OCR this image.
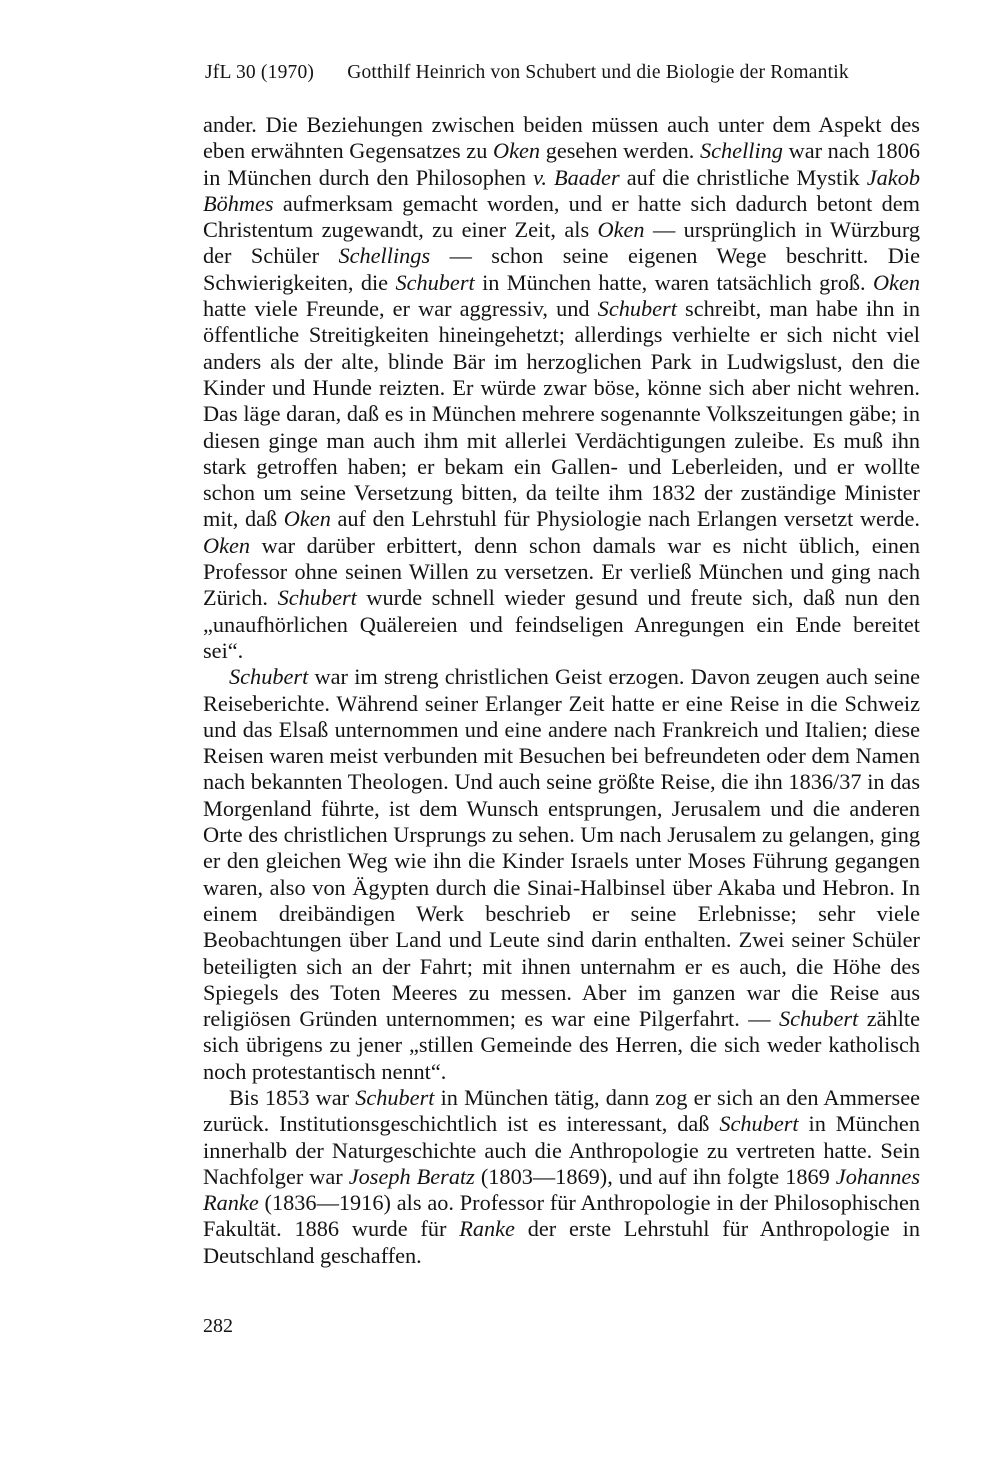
JfL 30 (1970) Gotthilf Heinrich von Schubert und die Biologie der Romantik

ander. Die Beziehungen zwischen beiden müssen auch unter dem Aspekt des eben erwähnten Gegensatzes zu Oken gesehen werden. Schelling war nach 1806 in München durch den Philosophen v. Baader auf die christliche Mystik Jakob Böhmes aufmerksam gemacht worden, und er hatte sich dadurch betont dem Christentum zugewandt, zu einer Zeit, als Oken — ursprünglich in Würzburg der Schüler Schellings — schon seine eigenen Wege beschritt. Die Schwierigkeiten, die Schubert in München hatte, waren tatsächlich groß. Oken hatte viele Freunde, er war aggressiv, und Schubert schreibt, man habe ihn in öffentliche Streitigkeiten hineingehetzt; allerdings verhielte er sich nicht viel anders als der alte, blinde Bär im herzoglichen Park in Ludwigslust, den die Kinder und Hunde reizten. Er würde zwar böse, könne sich aber nicht wehren. Das läge daran, daß es in München mehrere sogenannte Volkszeitungen gäbe; in diesen ginge man auch ihm mit allerlei Verdächtigungen zuleibe. Es muß ihn stark getroffen haben; er bekam ein Gallen- und Leberleiden, und er wollte schon um seine Versetzung bitten, da teilte ihm 1832 der zuständige Minister mit, daß Oken auf den Lehrstuhl für Physiologie nach Erlangen versetzt werde. Oken war darüber erbittert, denn schon damals war es nicht üblich, einen Professor ohne seinen Willen zu versetzen. Er verließ München und ging nach Zürich. Schubert wurde schnell wieder gesund und freute sich, daß nun den „unaufhörlichen Quälereien und feindseligen Anregungen ein Ende bereitet sei“.

Schubert war im streng christlichen Geist erzogen. Davon zeugen auch seine Reiseberichte. Während seiner Erlanger Zeit hatte er eine Reise in die Schweiz und das Elsaß unternommen und eine andere nach Frankreich und Italien; diese Reisen waren meist verbunden mit Besuchen bei befreundeten oder dem Namen nach bekannten Theologen. Und auch seine größte Reise, die ihn 1836/37 in das Morgenland führte, ist dem Wunsch entsprungen, Jerusalem und die anderen Orte des christlichen Ursprungs zu sehen. Um nach Jerusalem zu gelangen, ging er den gleichen Weg wie ihn die Kinder Israels unter Moses Führung gegangen waren, also von Ägypten durch die Sinai-Halbinsel über Akaba und Hebron. In einem dreibändigen Werk beschrieb er seine Erlebnisse; sehr viele Beobachtungen über Land und Leute sind darin enthalten. Zwei seiner Schüler beteiligten sich an der Fahrt; mit ihnen unternahm er es auch, die Höhe des Spiegels des Toten Meeres zu messen. Aber im ganzen war die Reise aus religiösen Gründen unternommen; es war eine Pilgerfahrt. — Schubert zählte sich übrigens zu jener „stillen Gemeinde des Herren, die sich weder katholisch noch protestantisch nennt“.

Bis 1853 war Schubert in München tätig, dann zog er sich an den Ammersee zurück. Institutionsgeschichtlich ist es interessant, daß Schubert in München innerhalb der Naturgeschichte auch die Anthropologie zu vertreten hatte. Sein Nachfolger war Joseph Beratz (1803—1869), und auf ihn folgte 1869 Johannes Ranke (1836—1916) als ao. Professor für Anthropologie in der Philosophischen Fakultät. 1886 wurde für Ranke der erste Lehrstuhl für Anthropologie in Deutschland geschaffen.

282
